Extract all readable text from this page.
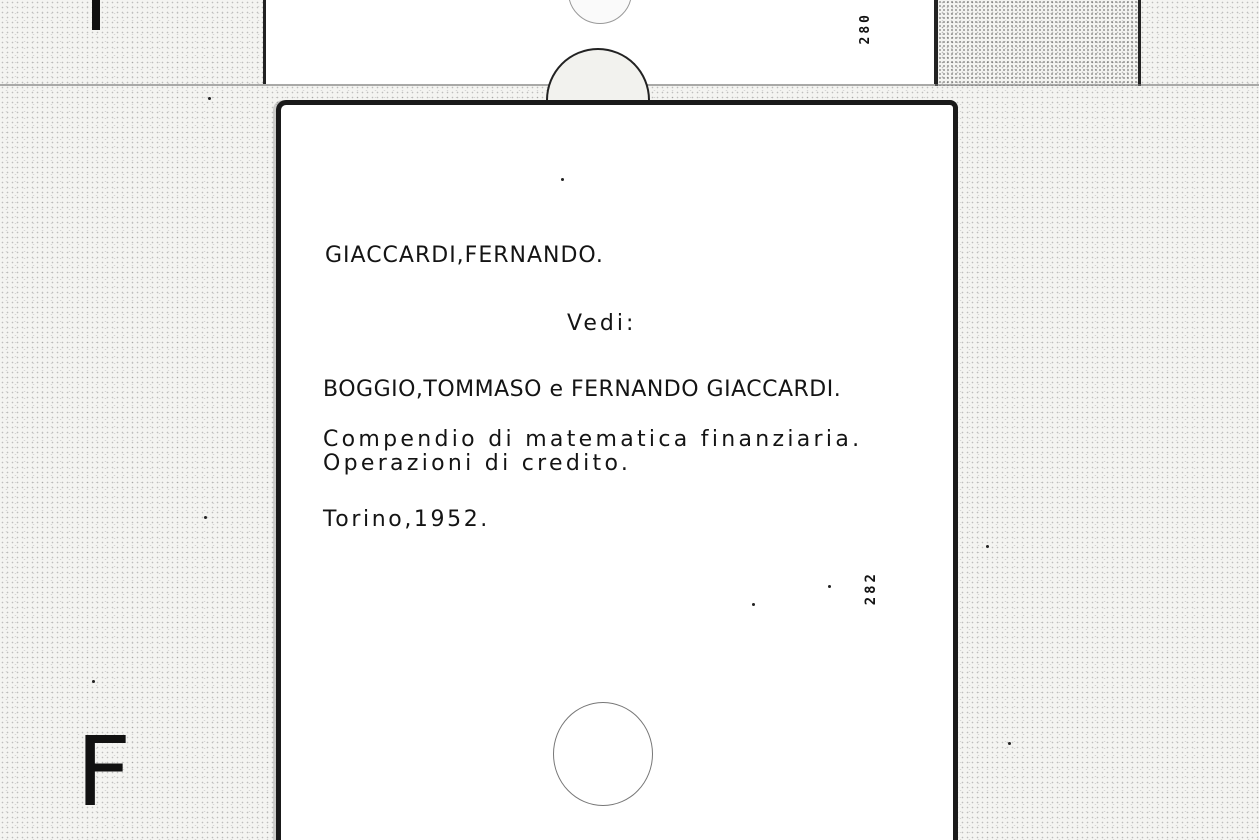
280
GIACCARDI,FERNANDO.
Vedi:
BOGGIO,TOMMASO e FERNANDO GIACCARDI.
Compendio di matematica finanziaria.
Operazioni di credito.
Torino,1952.
282
F
